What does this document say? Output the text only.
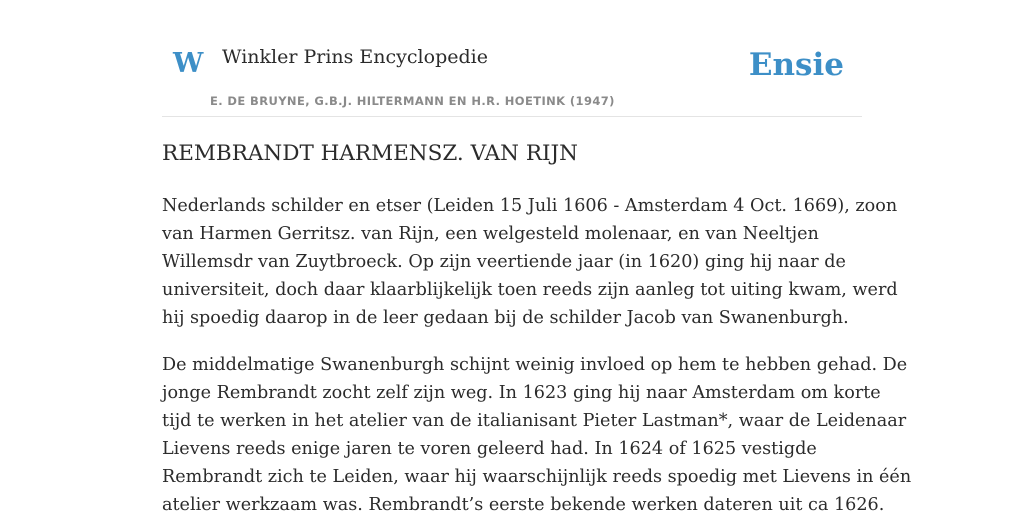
W Winkler Prins Encyclopedie
E. DE BRUYNE, G.B.J. HILTERMANN EN H.R. HOETINK (1947)
Ensie
REMBRANDT HARMENSZ. VAN RIJN

Nederlands schilder en etser (Leiden 15 Juli 1606 - Amsterdam 4 Oct. 1669), zoon
van Harmen Gerritsz. van Rijn, een welgesteld molenaar, en van Neeltjen
Willemsdr van Zuytbroeck. Op zijn veertiende jaar (in 1620) ging hij naar de
universiteit, doch daar klaarblijkelijk toen reeds zijn aanleg tot uiting kwam, werd
hij spoedig daarop in de leer gedaan bij de schilder Jacob van Swanenburgh.

De middelmatige Swanenburgh schijnt weinig invloed op hem te hebben gehad. De
jonge Rembrandt zocht zelf zijn weg. In 1623 ging hij naar Amsterdam om korte
tijd te werken in het atelier van de italianisant Pieter Lastman*, waar de Leidenaar
Lievens reeds enige jaren te voren geleerd had. In 1624 of 1625 vestigde
Rembrandt zich te Leiden, waar hij waarschijnlijk reeds spoedig met Lievens in één
atelier werkzaam was. Rembrandt’s eerste bekende werken dateren uit ca 1626.
